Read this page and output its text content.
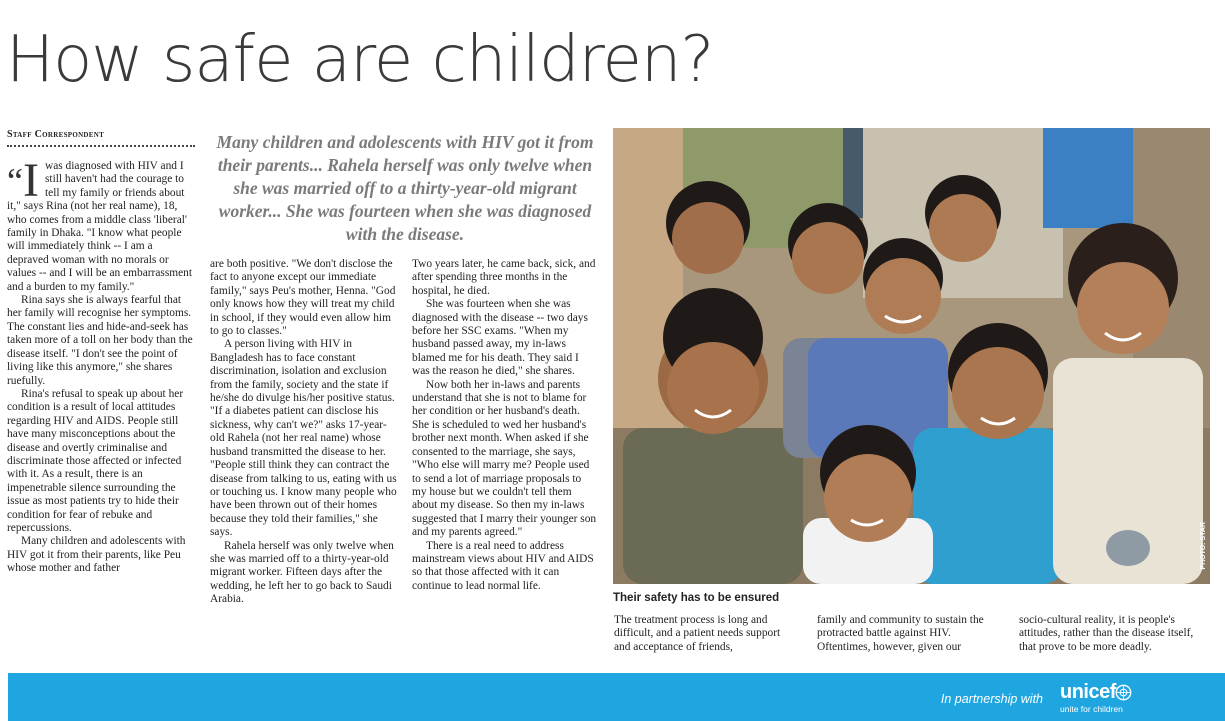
How safe are children?
Staff Correspondent	Many children and adolescents with HIV got it from their parents... Rahela herself was only twelve when she was married off to a thirty-year-old migrant worker... She was fourteen when she was diagnosed with the disease.

“I was diagnosed with HIV and I still haven't had the courage to tell my family or friends about it," says Rina (not her real name), 18, who comes from a middle class 'liberal' family in Dhaka. "I know what people will immediately think -- I am a depraved woman with no morals or values -- and I will be an embarrassment and a burden to my family."

Rina says she is always fearful that her family will recognise her symptoms. The constant lies and hide-and-seek has taken more of a toll on her body than the disease itself. "I don't see the point of living like this anymore," she shares ruefully.

Rina's refusal to speak up about her condition is a result of local attitudes regarding HIV and AIDS. People still have many misconceptions about the disease and overtly criminalise and discriminate those affected or infected with it. As a result, there is an impenetrable silence surrounding the issue as most patients try to hide their condition for fear of rebuke and repercussions.

Many children and adolescents with HIV got it from their parents, like Peu whose mother and father

are both positive. "We don't disclose the fact to anyone except our immediate family," says Peu's mother, Henna. "God only knows how they will treat my child in school, if they would even allow him to go to classes."

A person living with HIV in Bangladesh has to face constant discrimination, isolation and exclusion from the family, society and the state if he/she do divulge his/her positive status. "If a diabetes patient can disclose his sickness, why can't we?" asks 17-year-old Rahela (not her real name) whose husband transmitted the disease to her. "People still think they can contract the disease from talking to us, eating with us or touching us. I know many people who have been thrown out of their homes because they told their families," she says.

Rahela herself was only twelve when she was married off to a thirty-year-old migrant worker. Fifteen days after the wedding, he left her to go back to Saudi Arabia.

Two years later, he came back, sick, and after spending three months in the hospital, he died.

She was fourteen when she was diagnosed with the disease -- two days before her SSC exams. "When my husband passed away, my in-laws blamed me for his death. They said I was the reason he died," she shares.

Now both her in-laws and parents understand that she is not to blame for her condition or her husband's death. She is scheduled to wed her husband's brother next month. When asked if she consented to the marriage, she says, "Who else will marry me? People used to send a lot of marriage proposals to my house but we couldn't tell them about my disease. So then my in-laws suggested that I marry their younger son and my parents agreed."

There is a real need to address mainstream views about HIV and AIDS so that those affected with it can continue to lead normal life.

PHOTO: STAR
Their safety has to be ensured

The treatment process is long and difficult, and a patient needs support and acceptance of friends,

family and community to sustain the protracted battle against HIV. Oftentimes, however, given our

socio-cultural reality, it is people's attitudes, rather than the disease itself, that prove to be more deadly.

In partnership with unicef
unite for children
